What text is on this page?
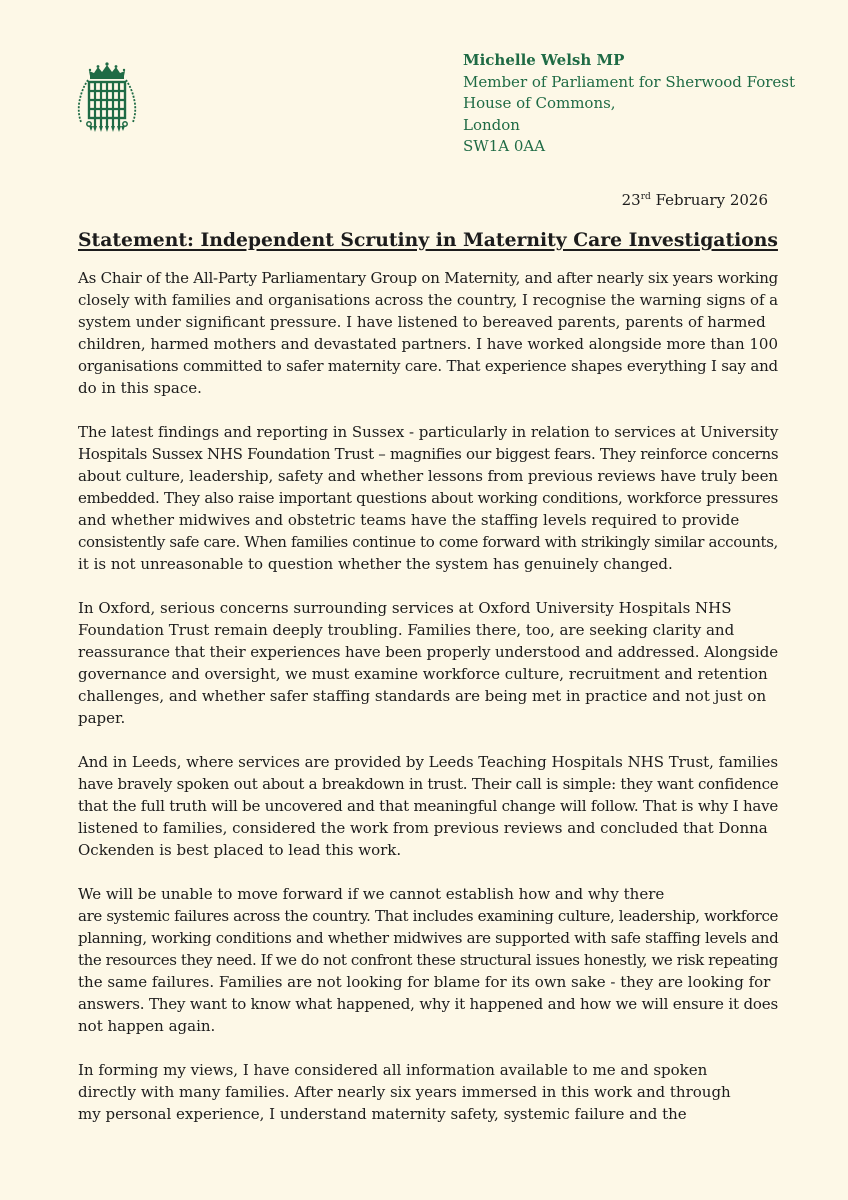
Michelle Welsh MP
Member of Parliament for Sherwood Forest
House of Commons,
London
SW1A 0AA
23rd February 2026
Statement: Independent Scrutiny in Maternity Care Investigations

As Chair of the All-Party Parliamentary Group on Maternity, and after nearly six years working
closely with families and organisations across the country, I recognise the warning signs of a
system under significant pressure. I have listened to bereaved parents, parents of harmed
children, harmed mothers and devastated partners. I have worked alongside more than 100
organisations committed to safer maternity care. That experience shapes everything I say and
do in this space.

The latest findings and reporting in Sussex - particularly in relation to services at University
Hospitals Sussex NHS Foundation Trust – magnifies our biggest fears. They reinforce concerns
about culture, leadership, safety and whether lessons from previous reviews have truly been
embedded. They also raise important questions about working conditions, workforce pressures
and whether midwives and obstetric teams have the staffing levels required to provide
consistently safe care. When families continue to come forward with strikingly similar accounts,
it is not unreasonable to question whether the system has genuinely changed.

In Oxford, serious concerns surrounding services at Oxford University Hospitals NHS
Foundation Trust remain deeply troubling. Families there, too, are seeking clarity and
reassurance that their experiences have been properly understood and addressed. Alongside
governance and oversight, we must examine workforce culture, recruitment and retention
challenges, and whether safer staffing standards are being met in practice and not just on
paper.

And in Leeds, where services are provided by Leeds Teaching Hospitals NHS Trust, families
have bravely spoken out about a breakdown in trust. Their call is simple: they want confidence
that the full truth will be uncovered and that meaningful change will follow. That is why I have
listened to families, considered the work from previous reviews and concluded that Donna
Ockenden is best placed to lead this work.

We will be unable to move forward if we cannot establish how and why there
are systemic failures across the country. That includes examining culture, leadership, workforce
planning, working conditions and whether midwives are supported with safe staffing levels and
the resources they need. If we do not confront these structural issues honestly, we risk repeating
the same failures. Families are not looking for blame for its own sake - they are looking for
answers. They want to know what happened, why it happened and how we will ensure it does
not happen again.

In forming my views, I have considered all information available to me and spoken
directly with many families. After nearly six years immersed in this work and through
my personal experience, I understand maternity safety, systemic failure and the
